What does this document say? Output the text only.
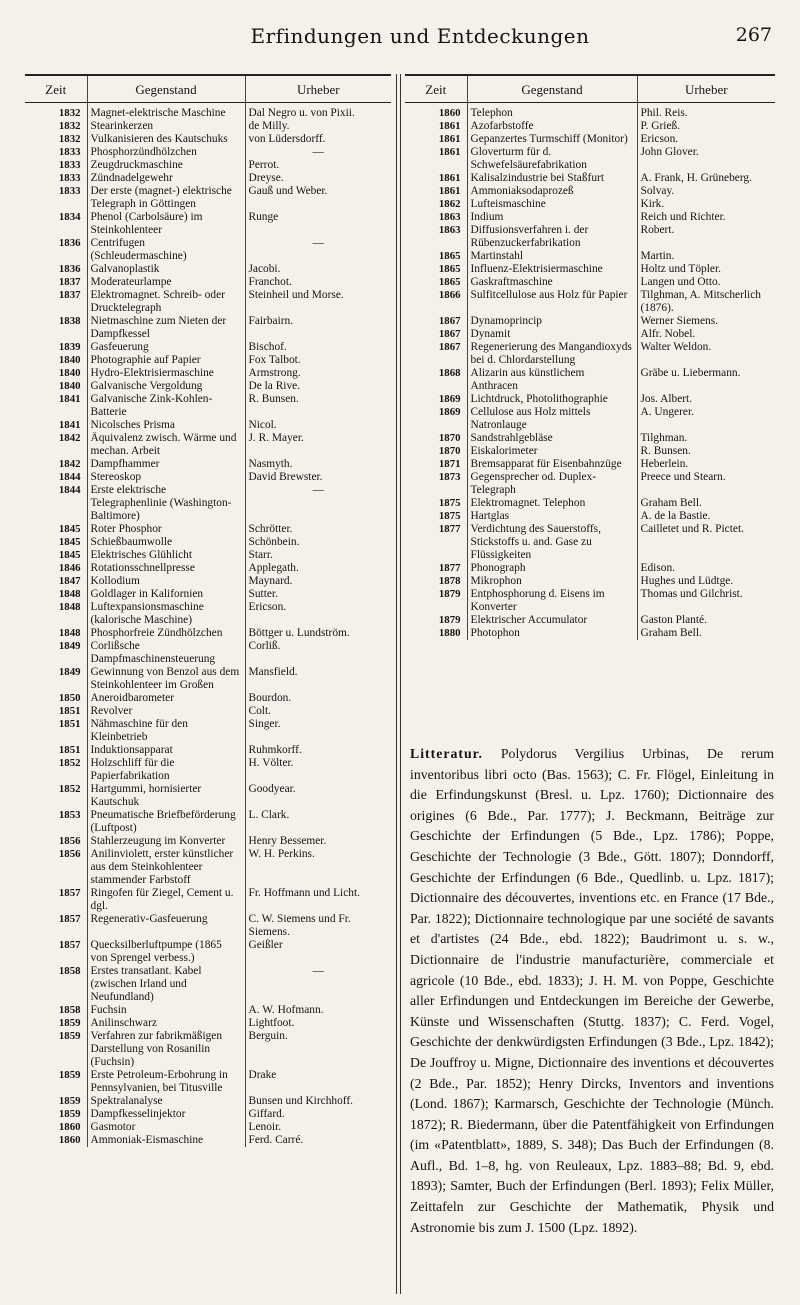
Erfindungen und Entdeckungen	267
Zeit	Gegenstand	Urheber
1832	Magnet-elektrische Maschine	Dal Negro u. von Pixii.
1832	Stearinkerzen	de Milly.
1832	Vulkanisieren des Kautschuks	von Lüdersdorff.
1833	Phosphorzündhölzchen	—
1833	Zeugdruckmaschine	Perrot.
1833	Zündnadelgewehr	Dreyse.
1833	Der erste (magnet-) elektrische Telegraph in Göttingen	Gauß und Weber.
1834	Phenol (Carbolsäure) im Steinkohlenteer	Runge
1836	Centrifugen (Schleudermaschine)	—
1836	Galvanoplastik	Jacobi.
1837	Moderateurlampe	Franchot.
1837	Elektromagnet. Schreib- oder Drucktelegraph	Steinheil und Morse.
1838	Nietmaschine zum Nieten der Dampfkessel	Fairbairn.
1839	Gasfeuerung	Bischof.
1840	Photographie auf Papier	Fox Talbot.
1840	Hydro-Elektrisiermaschine	Armstrong.
1840	Galvanische Vergoldung	De la Rive.
1841	Galvanische Zink-Kohlen-Batterie	R. Bunsen.
1841	Nicolsches Prisma	Nicol.
1842	Äquivalenz zwisch. Wärme und mechan. Arbeit	J. R. Mayer.
1842	Dampfhammer	Nasmyth.
1844	Stereoskop	David Brewster.
1844	Erste elektrische Telegraphenlinie (Washington-Baltimore)	—
1845	Roter Phosphor	Schrötter.
1845	Schießbaumwolle	Schönbein.
1845	Elektrisches Glühlicht	Starr.
1846	Rotationsschnellpresse	Applegath.
1847	Kollodium	Maynard.
1848	Goldlager in Kalifornien	Sutter.
1848	Luftexpansionsmaschine (kalorische Maschine)	Ericson.
1848	Phosphorfreie Zündhölzchen	Böttger u. Lundström.
1849	Corlißsche Dampfmaschinensteuerung	Corliß.
1849	Gewinnung von Benzol aus dem Steinkohlenteer im Großen	Mansfield.
1850	Aneroidbarometer	Bourdon.
1851	Revolver	Colt.
1851	Nähmaschine für den Kleinbetrieb	Singer.
1851	Induktionsapparat	Ruhmkorff.
1852	Holzschliff für die Papierfabrikation	H. Völter.
1852	Hartgummi, hornisierter Kautschuk	Goodyear.
1853	Pneumatische Briefbeförderung (Luftpost)	L. Clark.
1856	Stahlerzeugung im Konverter	Henry Bessemer.
1856	Anilinviolett, erster künstlicher aus dem Steinkohlenteer stammender Farbstoff	W. H. Perkins.
1857	Ringofen für Ziegel, Cement u. dgl.	Fr. Hoffmann und Licht.
1857	Regenerativ-Gasfeuerung	C. W. Siemens und Fr. Siemens.
1857	Quecksilberluftpumpe (1865 von Sprengel verbess.)	Geißler
1858	Erstes transatlant. Kabel (zwischen Irland und Neufundland)	—
1858	Fuchsin	A. W. Hofmann.
1859	Anilinschwarz	Lightfoot.
1859	Verfahren zur fabrikmäßigen Darstellung von Rosanilin (Fuchsin)	Berguin.
1859	Erste Petroleum-Erbohrung in Pennsylvanien, bei Titusville	Drake
1859	Spektralanalyse	Bunsen und Kirchhoff.
1859	Dampfkesselinjektor	Giffard.
1860	Gasmotor	Lenoir.
1860	Ammoniak-Eismaschine	Ferd. Carré.
Zeit	Gegenstand	Urheber
1860	Telephon	Phil. Reis.
1861	Azofarbstoffe	P. Grieß.
1861	Gepanzertes Turmschiff (Monitor)	Ericson.
1861	Gloverturm für d. Schwefelsäurefabrikation	John Glover.
1861	Kalisalzindustrie bei Staßfurt	A. Frank, H. Grüneberg.
1861	Ammoniaksodaprozeß	Solvay.
1862	Lufteismaschine	Kirk.
1863	Indium	Reich und Richter.
1863	Diffusionsverfahren i. der Rübenzuckerfabrikation	Robert.
1865	Martinstahl	Martin.
1865	Influenz-Elektrisiermaschine	Holtz und Töpler.
1865	Gaskraftmaschine	Langen und Otto.
1866	Sulfitcellulose aus Holz für Papier	Tilghman, A. Mitscherlich (1876).
1867	Dynamoprincip	Werner Siemens.
1867	Dynamit	Alfr. Nobel.
1867	Regenerierung des Mangandioxyds bei d. Chlordarstellung	Walter Weldon.
1868	Alizarin aus künstlichem Anthracen	Gräbe u. Liebermann.
1869	Lichtdruck, Photolithographie	Jos. Albert.
1869	Cellulose aus Holz mittels Natronlauge	A. Ungerer.
1870	Sandstrahlgebläse	Tilghman.
1870	Eiskalorimeter	R. Bunsen.
1871	Bremsapparat für Eisenbahnzüge	Heberlein.
1873	Gegensprecher od. Duplex-Telegraph	Preece und Stearn.
1875	Elektromagnet. Telephon	Graham Bell.
1875	Hartglas	A. de la Bastie.
1877	Verdichtung des Sauerstoffs, Stickstoffs u. and. Gase zu Flüssigkeiten	Cailletet und R. Pictet.
1877	Phonograph	Edison.
1878	Mikrophon	Hughes und Lüdtge.
1879	Entphosphorung d. Eisens im Konverter	Thomas und Gilchrist.
1879	Elektrischer Accumulator	Gaston Planté.
1880	Photophon	Graham Bell.
Litteratur. Polydorus Vergilius Urbinas, De rerum inventoribus libri octo (Bas. 1563); C. Fr. Flögel, Einleitung in die Erfindungskunst (Bresl. u. Lpz. 1760); Dictionnaire des origines (6 Bde., Par. 1777); J. Beckmann, Beiträge zur Geschichte der Erfindungen (5 Bde., Lpz. 1786); Poppe, Geschichte der Technologie (3 Bde., Gött. 1807); Donndorff, Geschichte der Erfindungen (6 Bde., Quedlinb. u. Lpz. 1817); Dictionnaire des découvertes, inventions etc. en France (17 Bde., Par. 1822); Dictionnaire technologique par une société de savants et d'artistes (24 Bde., ebd. 1822); Baudrimont u. s. w., Dictionnaire de l'industrie manufacturière, commerciale et agricole (10 Bde., ebd. 1833); J. H. M. von Poppe, Geschichte aller Erfindungen und Entdeckungen im Bereiche der Gewerbe, Künste und Wissenschaften (Stuttg. 1837); C. Ferd. Vogel, Geschichte der denkwürdigsten Erfindungen (3 Bde., Lpz. 1842); De Jouffroy u. Migne, Dictionnaire des inventions et découvertes (2 Bde., Par. 1852); Henry Dircks, Inventors and inventions (Lond. 1867); Karmarsch, Geschichte der Technologie (Münch. 1872); R. Biedermann, über die Patentfähigkeit von Erfindungen (im «Patentblatt», 1889, S. 348); Das Buch der Erfindungen (8. Aufl., Bd. 1–8, hg. von Reuleaux, Lpz. 1883–88; Bd. 9, ebd. 1893); Samter, Buch der Erfindungen (Berl. 1893); Felix Müller, Zeittafeln zur Geschichte der Mathematik, Physik und Astronomie bis zum J. 1500 (Lpz. 1892).
